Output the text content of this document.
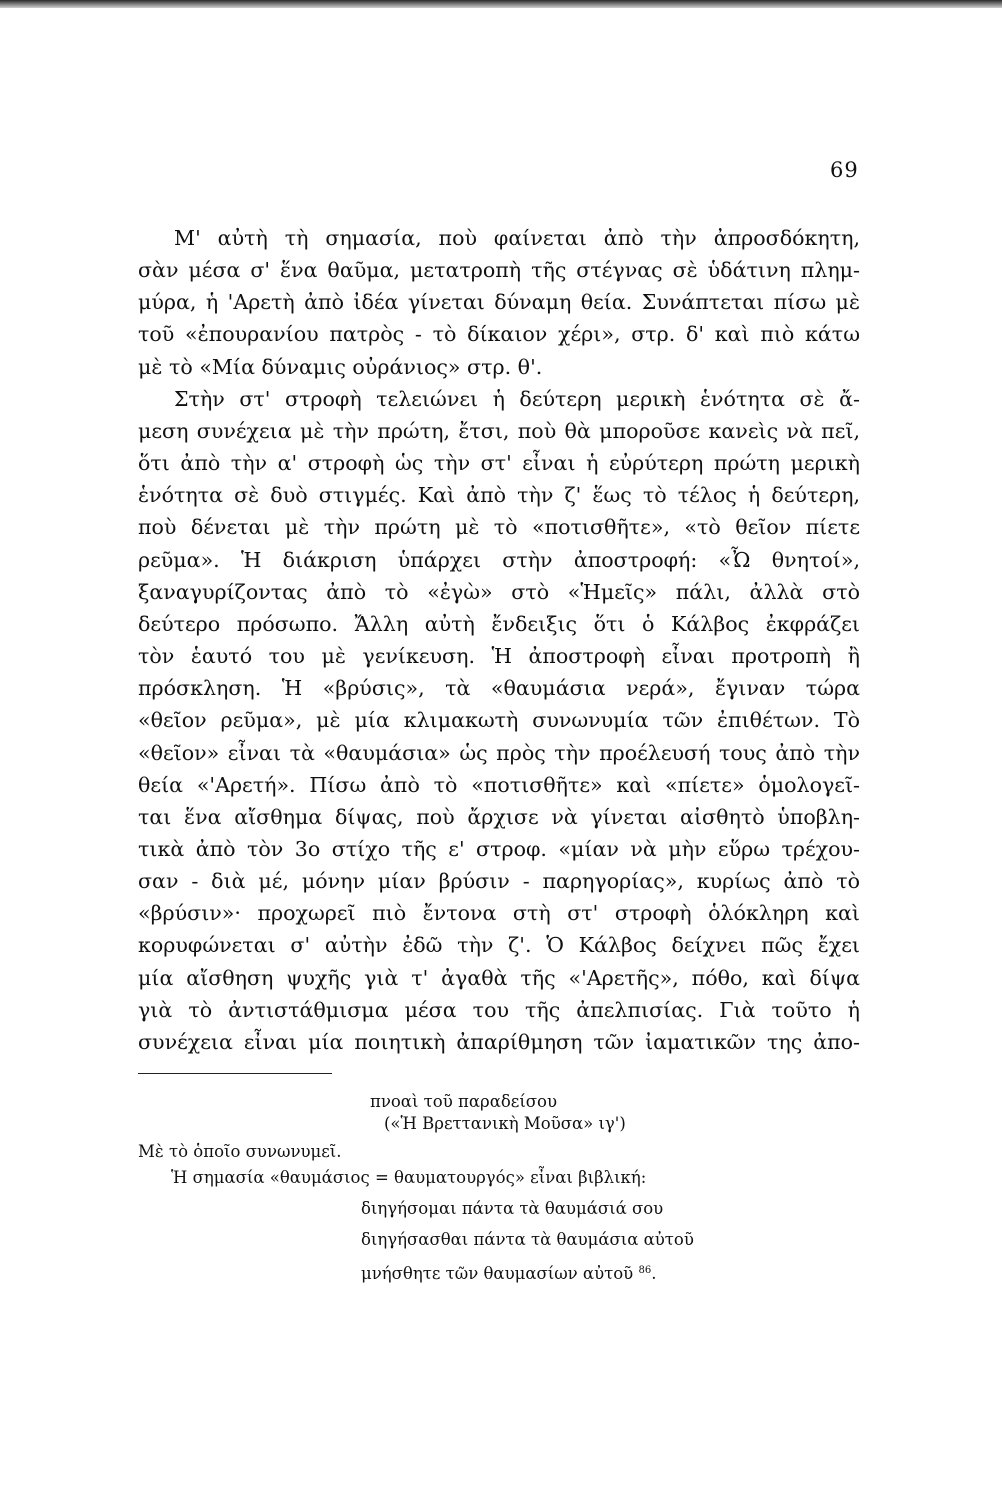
69
Μ' αὐτὴ τὴ σημασία, ποὺ φαίνεται ἀπὸ τὴν ἀπροσδόκητη,
σὰν μέσα σ' ἕνα θαῦμα, μετατροπὴ τῆς στέγνας σὲ ὑδάτινη πλημ-
μύρα, ἡ 'Αρετὴ ἀπὸ ἰδέα γίνεται δύναμη θεία. Συνάπτεται πίσω μὲ
τοῦ «ἐπουρανίου πατρὸς - τὸ δίκαιον χέρι», στρ. δ' καὶ πιὸ κάτω
μὲ τὸ «Μία δύναμις οὐράνιος» στρ. θ'.
Στὴν στ' στροφὴ τελειώνει ἡ δεύτερη μερικὴ ἑνότητα σὲ ἄ-
μεση συνέχεια μὲ τὴν πρώτη, ἔτσι, ποὺ θὰ μποροῦσε κανεὶς νὰ πεῖ,
ὅτι ἀπὸ τὴν α' στροφὴ ὡς τὴν στ' εἶναι ἡ εὐρύτερη πρώτη μερικὴ
ἑνότητα σὲ δυὸ στιγμές. Καὶ ἀπὸ τὴν ζ' ἕως τὸ τέλος ἡ δεύτερη,
ποὺ δένεται μὲ τὴν πρώτη μὲ τὸ «ποτισθῆτε», «τὸ θεῖον πίετε
ρεῦμα». Ἡ διάκριση ὑπάρχει στὴν ἀποστροφή: «Ὦ θνητοί»,
ξαναγυρίζοντας ἀπὸ τὸ «ἐγὼ» στὸ «Ἡμεῖς» πάλι, ἀλλὰ στὸ
δεύτερο πρόσωπο. Ἄλλη αὐτὴ ἔνδειξις ὅτι ὁ Κάλβος ἐκφράζει
τὸν ἑαυτό του μὲ γενίκευση. Ἡ ἀποστροφὴ εἶναι προτροπὴ ἢ
πρόσκληση. Ἡ «βρύσις», τὰ «θαυμάσια νερά», ἔγιναν τώρα
«θεῖον ρεῦμα», μὲ μία κλιμακωτὴ συνωνυμία τῶν ἐπιθέτων. Τὸ
«θεῖον» εἶναι τὰ «θαυμάσια» ὡς πρὸς τὴν προέλευσή τους ἀπὸ τὴν
θεία «'Αρετή». Πίσω ἀπὸ τὸ «ποτισθῆτε» καὶ «πίετε» ὁμολογεῖ-
ται ἕνα αἴσθημα δίψας, ποὺ ἄρχισε νὰ γίνεται αἰσθητὸ ὑποβλη-
τικὰ ἀπὸ τὸν 3ο στίχο τῆς ε' στροφ. «μίαν νὰ μὴν εὕρω τρέχου-
σαν - διὰ μέ, μόνην μίαν βρύσιν - παρηγορίας», κυρίως ἀπὸ τὸ
«βρύσιν»· προχωρεῖ πιὸ ἔντονα στὴ στ' στροφὴ ὁλόκληρη καὶ
κορυφώνεται σ' αὐτὴν ἐδῶ τὴν ζ'. Ὁ Κάλβος δείχνει πῶς ἔχει
μία αἴσθηση ψυχῆς γιὰ τ' ἀγαθὰ τῆς «'Αρετῆς», πόθο, καὶ δίψα
γιὰ τὸ ἀντιστάθμισμα μέσα του τῆς ἀπελπισίας. Γιὰ τοῦτο ἡ
συνέχεια εἶναι μία ποιητικὴ ἀπαρίθμηση τῶν ἰαματικῶν της ἀπο-
πνοαὶ τοῦ παραδείσου
(«Ἡ Βρεττανικὴ Μοῦσα» ιγ')
Μὲ τὸ ὁποῖο συνωνυμεῖ.
Ἡ σημασία «θαυμάσιος = θαυματουργός» εἶναι βιβλική:
διηγήσομαι πάντα τὰ θαυμάσιά σου
διηγήσασθαι πάντα τὰ θαυμάσια αὐτοῦ
μνήσθητε τῶν θαυμασίων αὐτοῦ $^{86}$.
